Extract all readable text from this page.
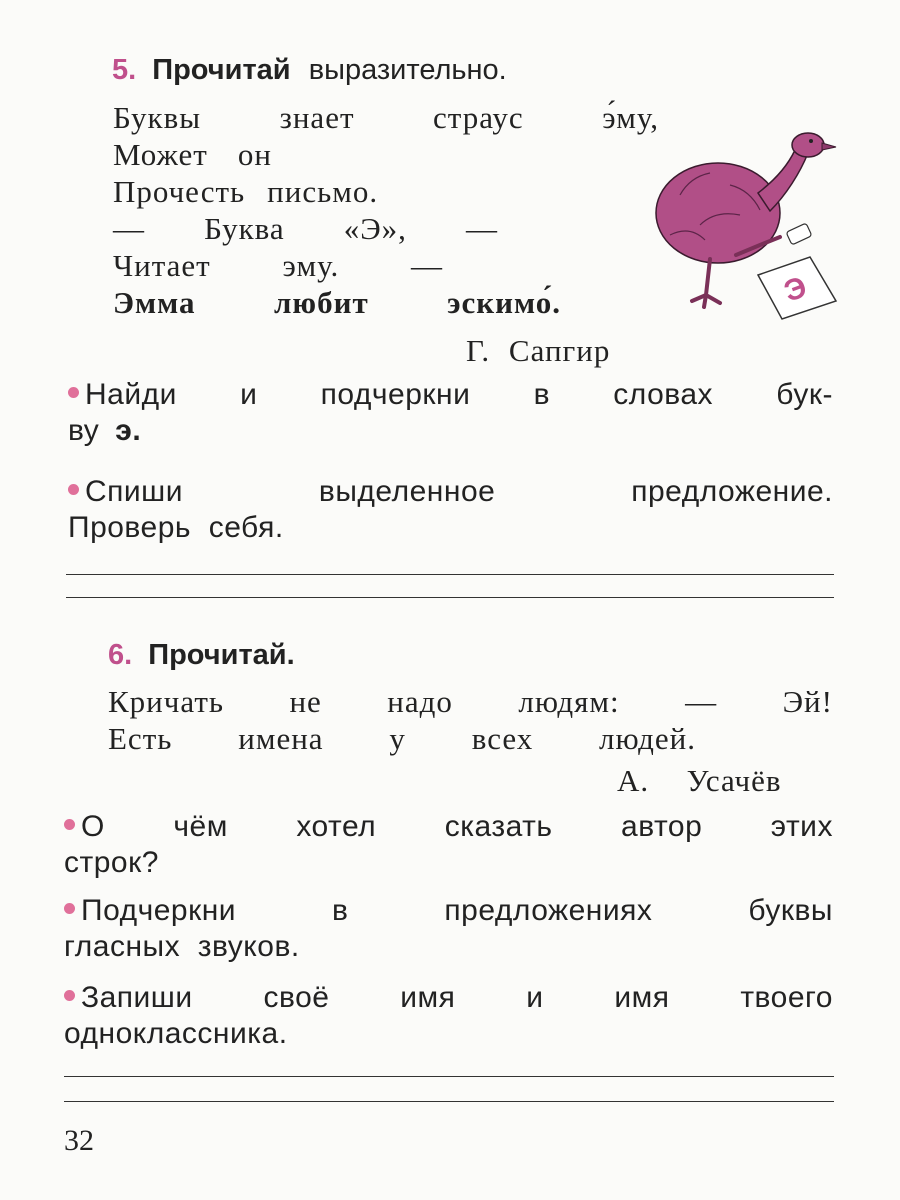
5. Прочитай выразительно.
Буквы	знает	страус	э́му,
Может он
Прочесть письмо.
— Буква «Э», —
Читает эму. —
Эмма	любит	эскимо́.
Г. Сапгир
Э
Найди и подчеркни в словах бук-
ву э.
Спиши	выделенное	предложение.
Проверь  себя.
6. Прочитай.
Кричать не надо людям: — Эй!
Есть имена у всех людей.
А.  Усачёв
О чём хотел сказать автор этих
строк?
Подчеркни	в	предложениях	буквы
гласных  звуков.
Запиши своё имя и имя твоего
одноклассника.
32
